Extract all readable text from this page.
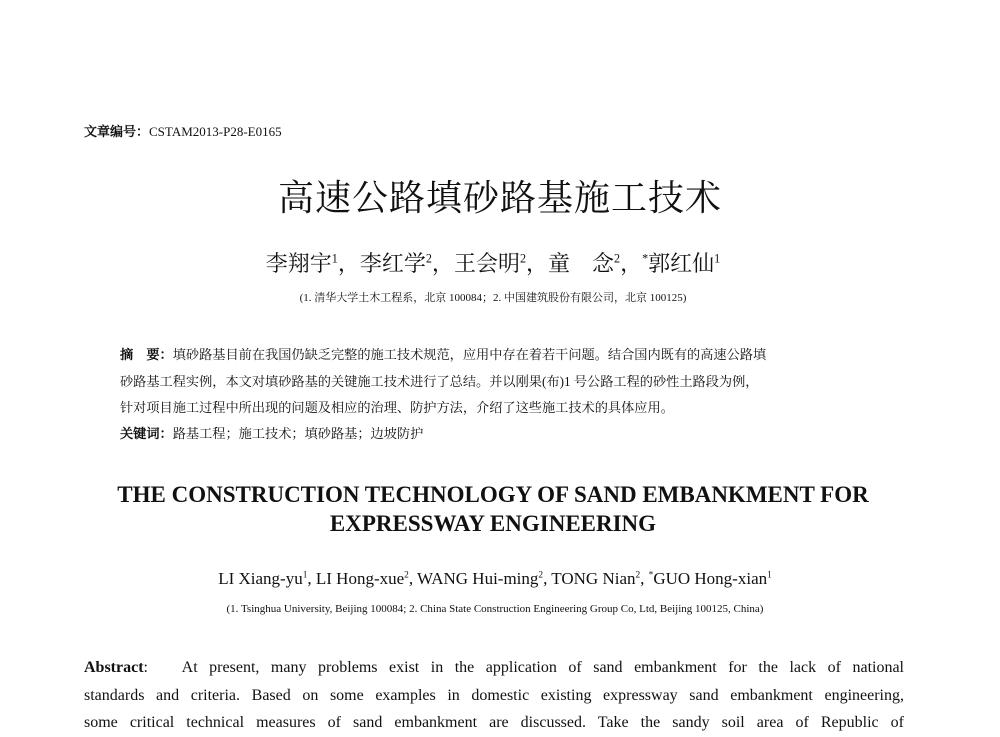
文章编号：CSTAM2013-P28-E0165
高速公路填砂路基施工技术
李翔宇$^1$，李红学$^2$，王会明$^2$，童　念$^2$，*郭红仙$^1$
(1. 清华大学土木工程系，北京 100084；2. 中国建筑股份有限公司，北京 100125)

摘　要：填砂路基目前在我国仍缺乏完整的施工技术规范，应用中存在着若干问题。结合国内既有的高速公路填

砂路基工程实例，本文对填砂路基的关键施工技术进行了总结。并以刚果(布)1 号公路工程的砂性土路段为例，

针对项目施工过程中所出现的问题及相应的治理、防护方法，介绍了这些施工技术的具体应用。

关键词：路基工程；施工技术；填砂路基；边坡防护

THE CONSTRUCTION TECHNOLOGY OF SAND EMBANKMENT FOR

EXPRESSWAY ENGINEERING

LI Xiang-$yu^1$, LI Hong-xue$^2$, WANG Hui-ming$^2$, TONG Nian$^2$, *GUO Hong-xian$^1$
(1. Tsinghua University, Beijing 100084; 2. China State Construction Engineering Group Co, Ltd, Beijing 100125, China)
Abstract: At present, many problems exist in the application of sand embankment for the lack of national
standards and criteria. Based on some examples in domestic existing expressway sand embankment engineering,
some critical technical measures of sand embankment are discussed. Take the sandy soil area of Republic of
